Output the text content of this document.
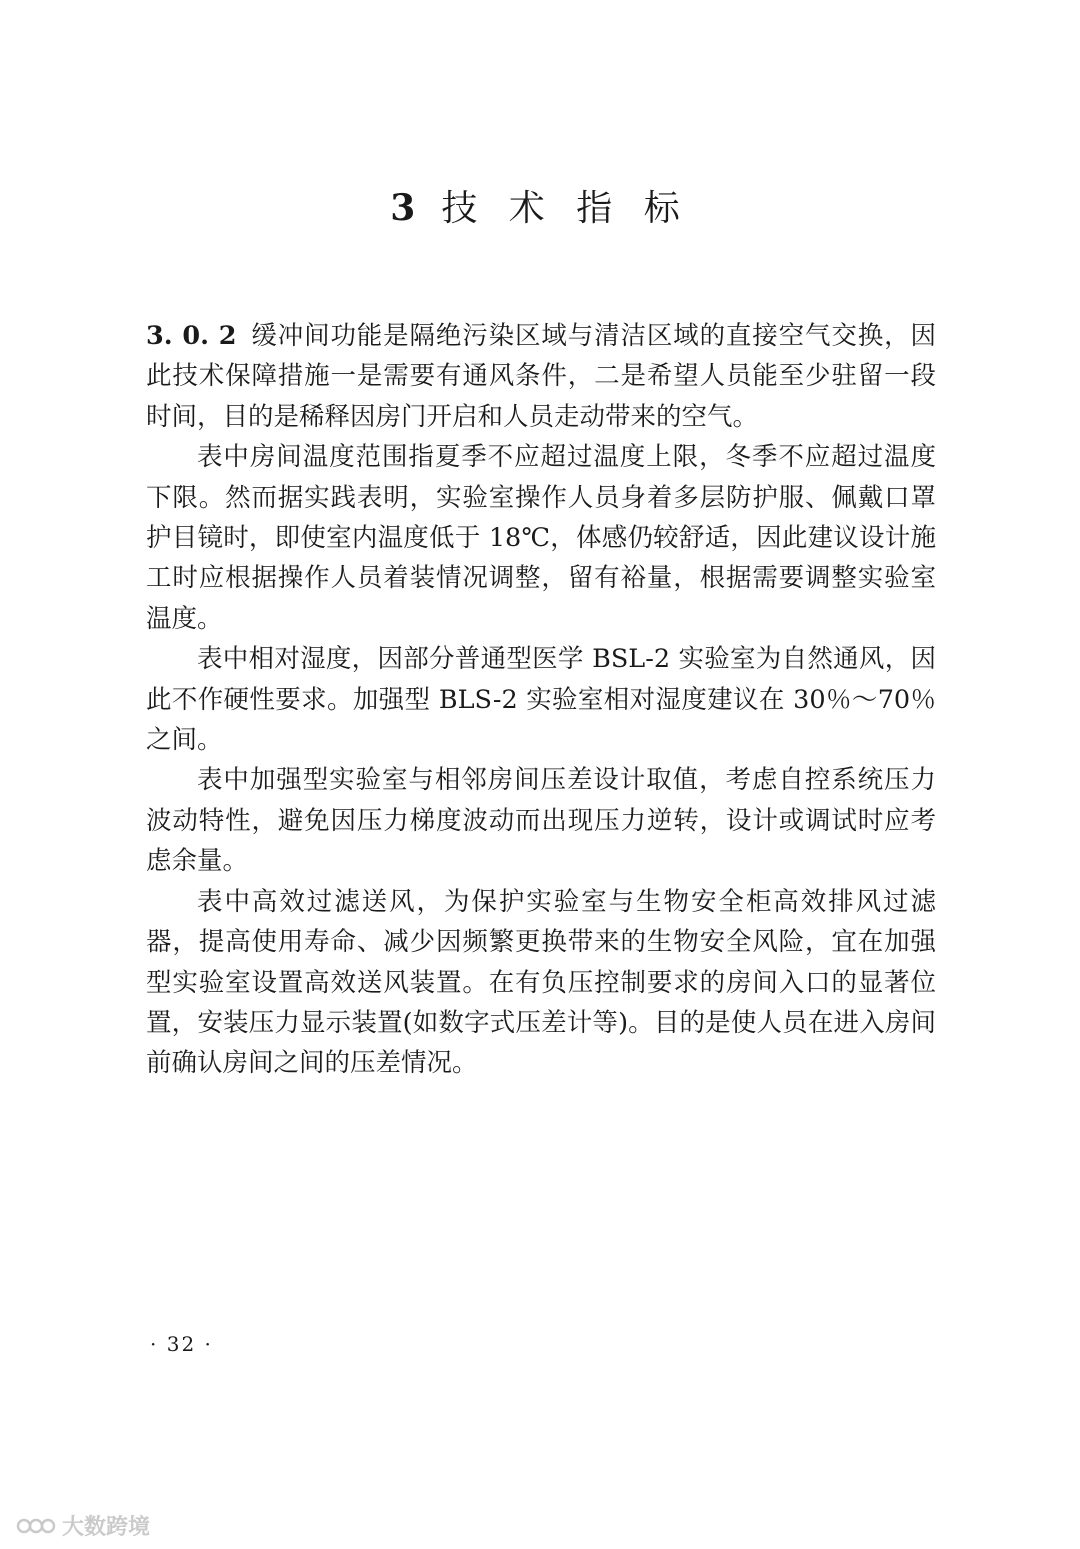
3 技 术 指 标

3. 0. 2 缓冲间功能是隔绝污染区域与清洁区域的直接空气交换，因此技术保障措施一是需要有通风条件，二是希望人员能至少驻留一段时间，目的是稀释因房门开启和人员走动带来的空气。

表中房间温度范围指夏季不应超过温度上限，冬季不应超过温度下限。然而据实践表明，实验室操作人员身着多层防护服、佩戴口罩护目镜时，即使室内温度低于 18℃，体感仍较舒适，因此建议设计施工时应根据操作人员着装情况调整，留有裕量，根据需要调整实验室温度。

表中相对湿度，因部分普通型医学 BSL-2 实验室为自然通风，因此不作硬性要求。加强型 BLS-2 实验室相对湿度建议在 30％～70％之间。

表中加强型实验室与相邻房间压差设计取值，考虑自控系统压力波动特性，避免因压力梯度波动而出现压力逆转，设计或调试时应考虑余量。

表中高效过滤送风，为保护实验室与生物安全柜高效排风过滤器，提高使用寿命、减少因频繁更换带来的生物安全风险，宜在加强型实验室设置高效送风装置。在有负压控制要求的房间入口的显著位置，安装压力显示装置(如数字式压差计等)。目的是使人员在进入房间前确认房间之间的压差情况。

· 32 ·
大数跨境
